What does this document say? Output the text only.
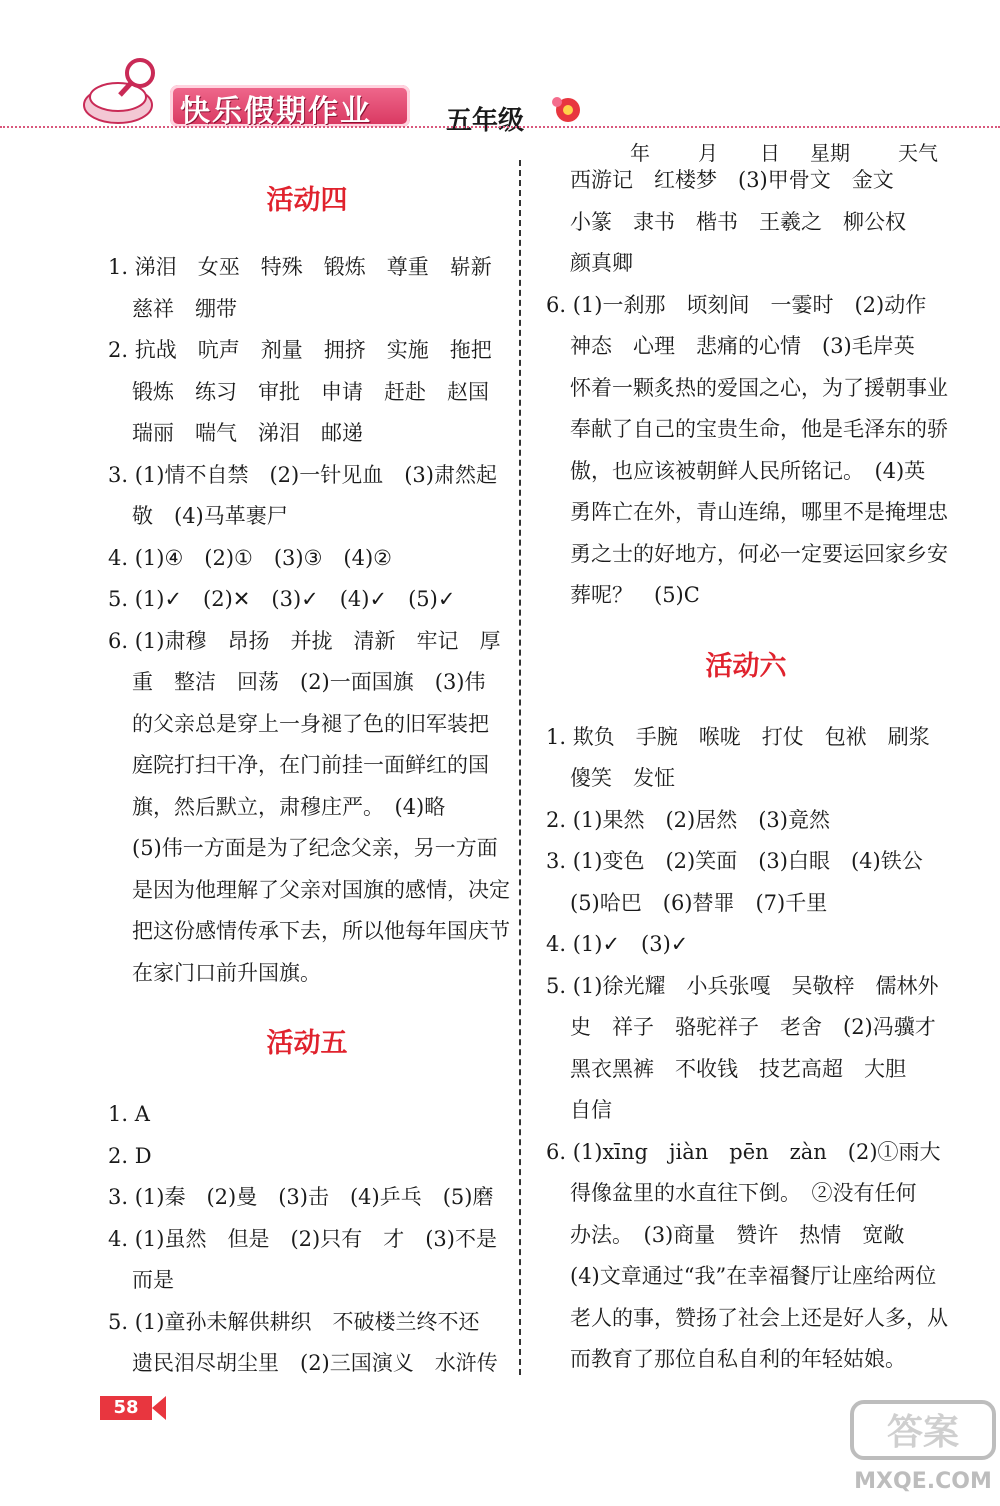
快乐假期作业	五年级
年 月 日 星期 天气
活动四
1. 涕泪　女巫　特殊　锻炼　尊重　崭新
慈祥　绷带
2. 抗战　吭声　剂量　拥挤　实施　拖把
锻炼　练习　审批　申请　赶赴　赵国
瑞丽　喘气　涕泪　邮递
3. (1)情不自禁　(2)一针见血　(3)肃然起
敬　(4)马革裹尸
4. (1)④　(2)①　(3)③　(4)②
5. (1)✓　(2)✕　(3)✓　(4)✓　(5)✓
6. (1)肃穆　昂扬　并拢　清新　牢记　厚
重　整洁　回荡　(2)一面国旗　(3)伟
的父亲总是穿上一身褪了色的旧军装把
庭院打扫干净，在门前挂一面鲜红的国
旗，然后默立，肃穆庄严。　(4)略
(5)伟一方面是为了纪念父亲，另一方面
是因为他理解了父亲对国旗的感情，决定
把这份感情传承下去，所以他每年国庆节
在家门口前升国旗。
活动五
1. A
2. D
3. (1)秦　(2)曼　(3)击　(4)乒乓　(5)磨
4. (1)虽然　但是　(2)只有　才　(3)不是
而是
5. (1)童孙未解供耕织　不破楼兰终不还
遗民泪尽胡尘里　(2)三国演义　水浒传
西游记　红楼梦　(3)甲骨文　金文
小篆　隶书　楷书　王羲之　柳公权
颜真卿
6. (1)一刹那　顷刻间　一霎时　(2)动作
神态　心理　悲痛的心情　(3)毛岸英
怀着一颗炙热的爱国之心，为了援朝事业
奉献了自己的宝贵生命，他是毛泽东的骄
傲，也应该被朝鲜人民所铭记。　(4)英
勇阵亡在外，青山连绵，哪里不是掩埋忠
勇之士的好地方，何必一定要运回家乡安
葬呢？　(5)C
活动六
1. 欺负　手腕　喉咙　打仗　包袱　刷浆
傻笑　发怔
2. (1)果然　(2)居然　(3)竟然
3. (1)变色　(2)笑面　(3)白眼　(4)铁公
(5)哈巴　(6)替罪　(7)千里
4. (1)✓　(3)✓
5. (1)徐光耀　小兵张嘎　吴敬梓　儒林外
史　祥子　骆驼祥子　老舍　(2)冯骥才
黑衣黑裤　不收钱　技艺高超　大胆
自信
6. (1)xīng　jiàn　pēn　zàn　(2)①雨大
得像盆里的水直往下倒。　②没有任何
办法。　(3)商量　赞许　热情　宽敞
(4)文章通过“我”在幸福餐厅让座给两位
老人的事，赞扬了社会上还是好人多，从
而教育了那位自私自利的年轻姑娘。
58
答案
MXQE.COM
